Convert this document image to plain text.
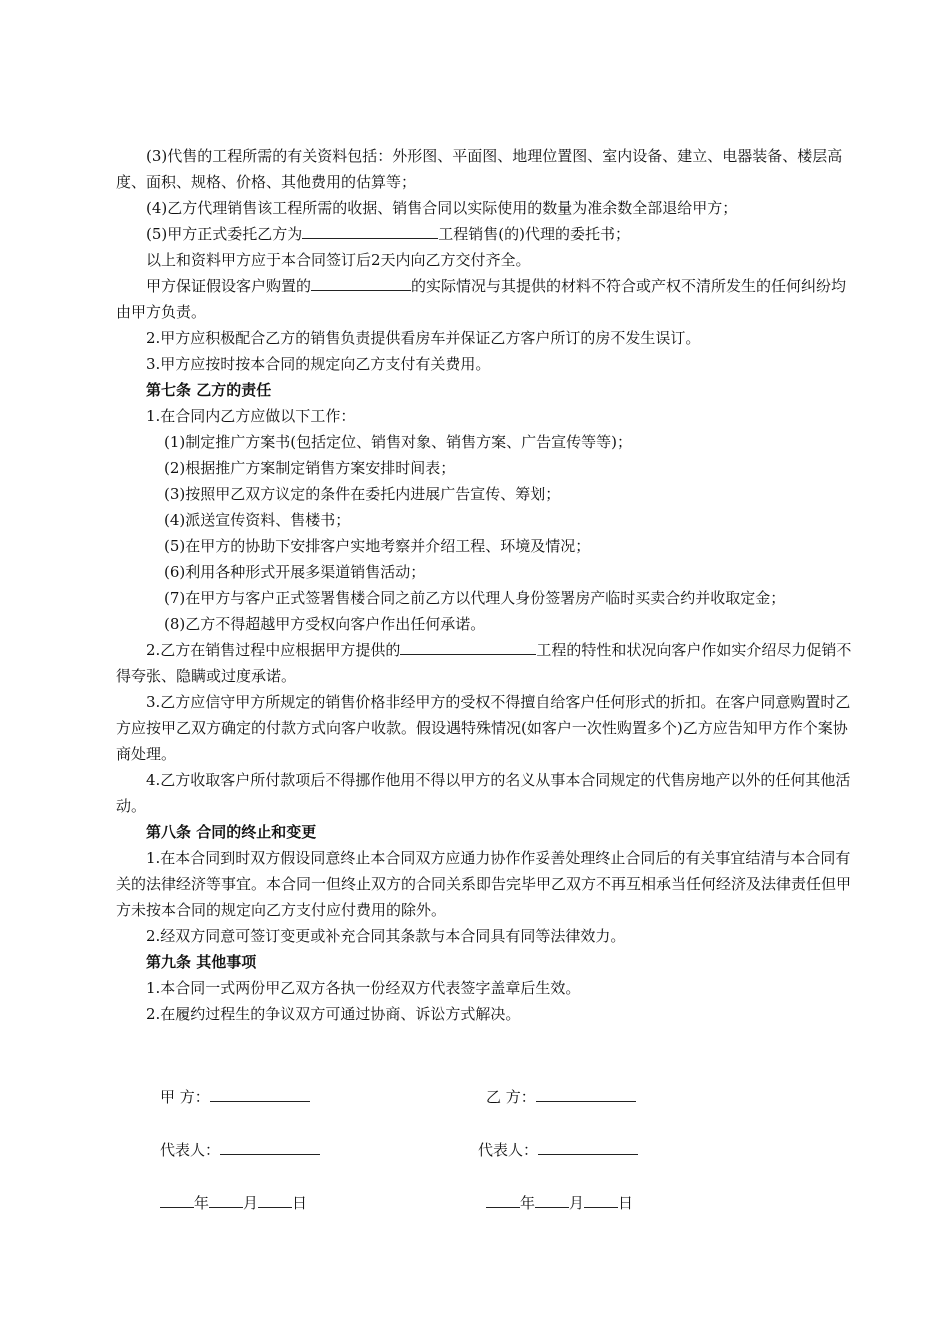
(3)代售的工程所需的有关资料包括：外形图、平面图、地理位置图、室内设备、建立、电器装备、楼层高度、面积、规格、价格、其他费用的估算等；

(4)乙方代理销售该工程所需的收据、销售合同以实际使用的数量为准余数全部退给甲方；

(5)甲方正式委托乙方为	工程销售(的)代理的委托书；

以上和资料甲方应于本合同签订后2天内向乙方交付齐全。

甲方保证假设客户购置的	的实际情况与其提供的材料不符合或产权不清所发生的任何纠纷均由甲方负责。

2.甲方应积极配合乙方的销售负责提供看房车并保证乙方客户所订的房不发生误订。

3.甲方应按时按本合同的规定向乙方支付有关费用。

第七条 乙方的责任

1.在合同内乙方应做以下工作：

(1)制定推广方案书(包括定位、销售对象、销售方案、广告宣传等等)；

(2)根据推广方案制定销售方案安排时间表；

(3)按照甲乙双方议定的条件在委托内进展广告宣传、筹划；

(4)派送宣传资料、售楼书；

(5)在甲方的协助下安排客户实地考察并介绍工程、环境及情况；

(6)利用各种形式开展多渠道销售活动；

(7)在甲方与客户正式签署售楼合同之前乙方以代理人身份签署房产临时买卖合约并收取定金；

(8)乙方不得超越甲方受权向客户作出任何承诺。

2.乙方在销售过程中应根据甲方提供的	工程的特性和状况向客户作如实介绍尽力促销不得夸张、隐瞒或过度承诺。

3.乙方应信守甲方所规定的销售价格非经甲方的受权不得擅自给客户任何形式的折扣。在客户同意购置时乙方应按甲乙双方确定的付款方式向客户收款。假设遇特殊情况(如客户一次性购置多个)乙方应告知甲方作个案协商处理。

4.乙方收取客户所付款项后不得挪作他用不得以甲方的名义从事本合同规定的代售房地产以外的任何其他活动。

第八条 合同的终止和变更

1.在本合同到时双方假设同意终止本合同双方应通力协作作妥善处理终止合同后的有关事宜结清与本合同有关的法律经济等事宜。本合同一但终止双方的合同关系即告完毕甲乙双方不再互相承当任何经济及法律责任但甲方未按本合同的规定向乙方支付应付费用的除外。

2.经双方同意可签订变更或补充合同其条款与本合同具有同等法律效力。

第九条 其他事项

1.本合同一式两份甲乙双方各执一份经双方代表签字盖章后生效。

2.在履约过程生的争议双方可通过协商、诉讼方式解决。

甲 方：	乙 方：
代表人：	代表人：
年 月 日	年 月 日
